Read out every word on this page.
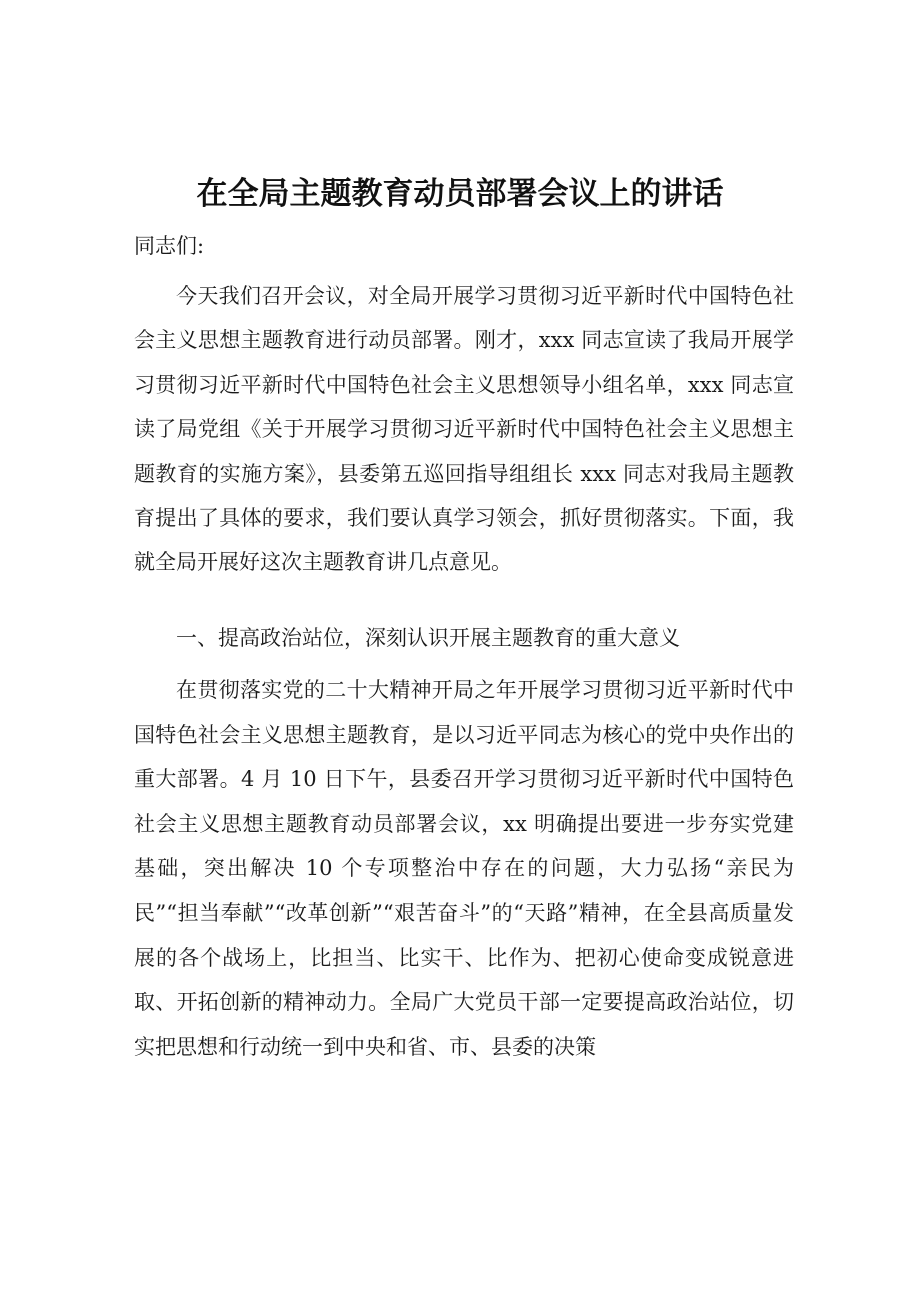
在全局主题教育动员部署会议上的讲话

同志们:

今天我们召开会议，对全局开展学习贯彻习近平新时代中国特色社会主义思想主题教育进行动员部署。刚才，xxx 同志宣读了我局开展学习贯彻习近平新时代中国特色社会主义思想领导小组名单，xxx 同志宣读了局党组《关于开展学习贯彻习近平新时代中国特色社会主义思想主题教育的实施方案》，县委第五巡回指导组组长 xxx 同志对我局主题教育提出了具体的要求，我们要认真学习领会，抓好贯彻落实。下面，我就全局开展好这次主题教育讲几点意见。

一、提高政治站位，深刻认识开展主题教育的重大意义

在贯彻落实党的二十大精神开局之年开展学习贯彻习近平新时代中国特色社会主义思想主题教育，是以习近平同志为核心的党中央作出的重大部署。4 月 10 日下午，县委召开学习贯彻习近平新时代中国特色社会主义思想主题教育动员部署会议，xx 明确提出要进一步夯实党建基础，突出解决 10 个专项整治中存在的问题，大力弘扬“亲民为民”“担当奉献”“改革创新”“艰苦奋斗”的“天路”精神，在全县高质量发展的各个战场上，比担当、比实干、比作为、把初心使命变成锐意进取、开拓创新的精神动力。全局广大党员干部一定要提高政治站位，切实把思想和行动统一到中央和省、市、县委的决策
